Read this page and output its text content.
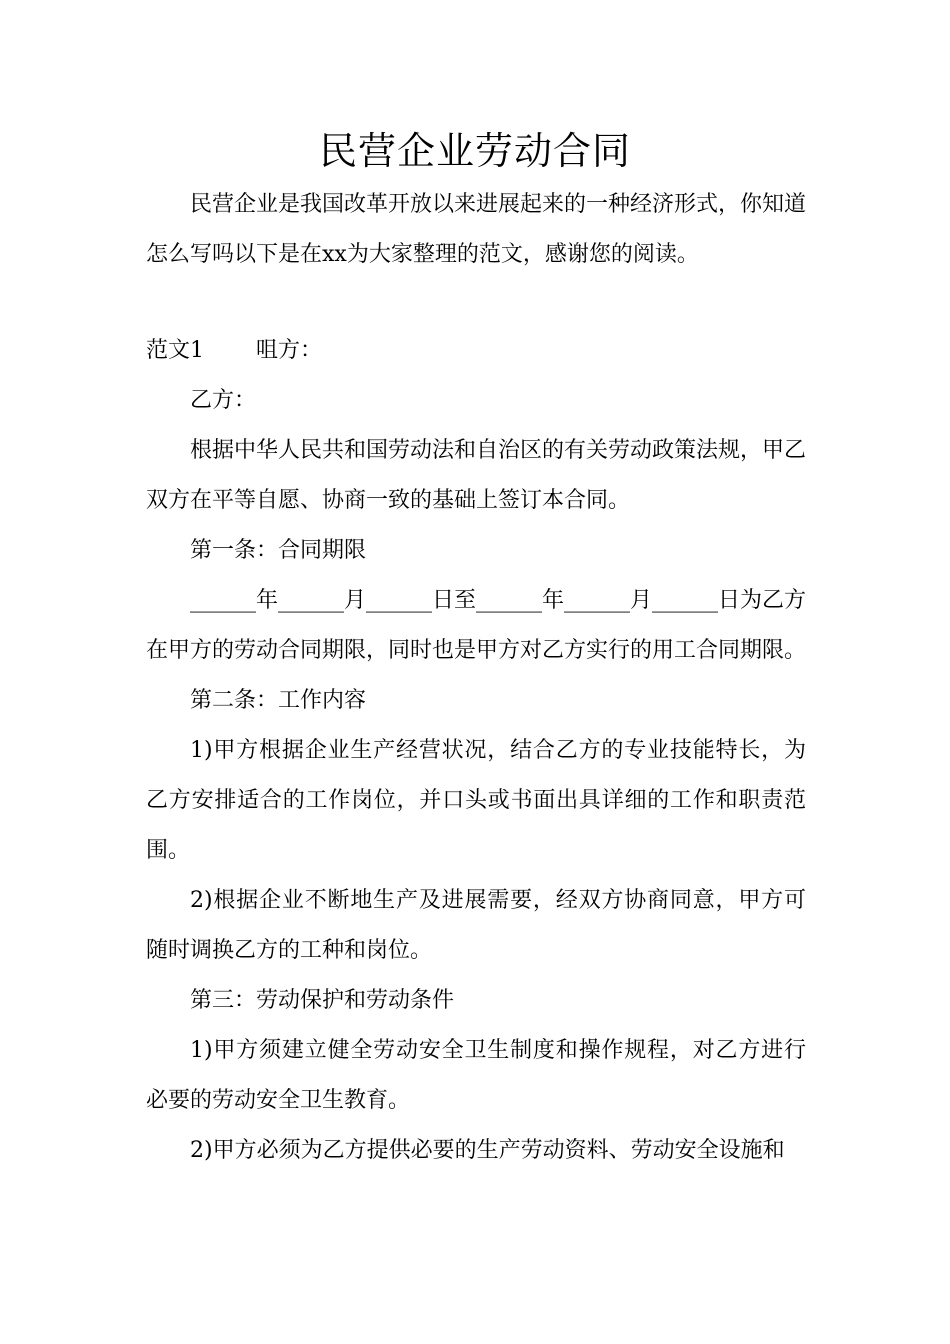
民营企业劳动合同

民营企业是我国改革开放以来进展起来的一种经济形式，你知道怎么写吗以下是在xx为大家整理的范文，感谢您的阅读。

范文1 咀方：

乙方：

根据中华人民共和国劳动法和自治区的有关劳动政策法规，甲乙双方在平等自愿、协商一致的基础上签订本合同。

第一条：合同期限

______年______月______日至______年______月______日为乙方在甲方的劳动合同期限，同时也是甲方对乙方实行的用工合同期限。

第二条：工作内容

1)甲方根据企业生产经营状况，结合乙方的专业技能特长，为乙方安排适合的工作岗位，并口头或书面出具详细的工作和职责范围。

2)根据企业不断地生产及进展需要，经双方协商同意，甲方可随时调换乙方的工种和岗位。

第三：劳动保护和劳动条件

1)甲方须建立健全劳动安全卫生制度和操作规程，对乙方进行必要的劳动安全卫生教育。

2)甲方必须为乙方提供必要的生产劳动资料、劳动安全设施和
